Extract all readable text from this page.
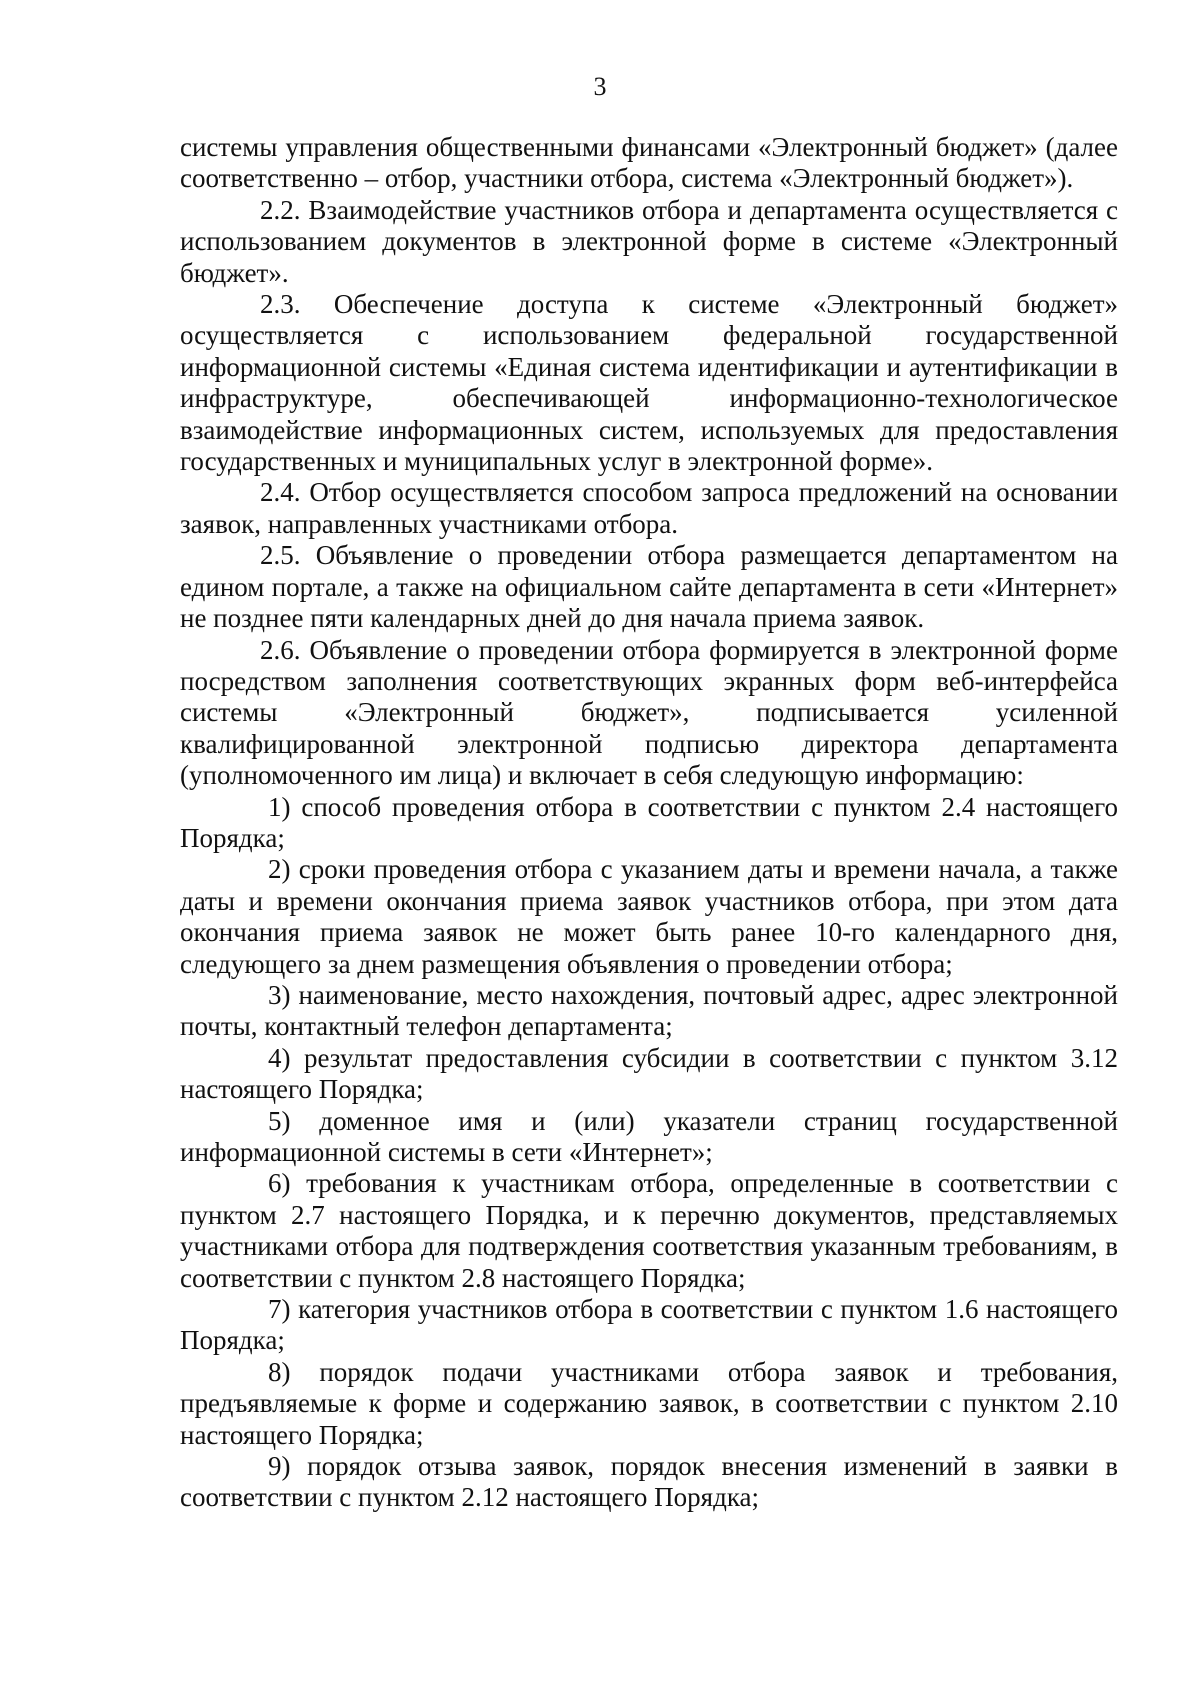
3

системы управления общественными финансами «Электронный бюджет» (далее соответственно – отбор, участники отбора, система «Электронный бюджет»).

2.2. Взаимодействие участников отбора и департамента осуществляется с использованием документов в электронной форме в системе «Электронный бюджет».

2.3. Обеспечение доступа к системе «Электронный бюджет» осуществляется с использованием федеральной государственной информационной системы «Единая система идентификации и аутентификации в инфраструктуре, обеспечивающей информационно-технологическое взаимодействие информационных систем, используемых для предоставления государственных и муниципальных услуг в электронной форме».

2.4. Отбор осуществляется способом запроса предложений на основании заявок, направленных участниками отбора.

2.5. Объявление о проведении отбора размещается департаментом на едином портале, а также на официальном сайте департамента в сети «Интернет» не позднее пяти календарных дней до дня начала приема заявок.

2.6. Объявление о проведении отбора формируется в электронной форме посредством заполнения соответствующих экранных форм веб-интерфейса системы «Электронный бюджет», подписывается усиленной квалифицированной электронной подписью директора департамента (уполномоченного им лица) и включает в себя следующую информацию:

1) способ проведения отбора в соответствии с пунктом 2.4 настоящего Порядка;

2) сроки проведения отбора с указанием даты и времени начала, а также даты и времени окончания приема заявок участников отбора, при этом дата окончания приема заявок не может быть ранее 10-го календарного дня, следующего за днем размещения объявления о проведении отбора;

3) наименование, место нахождения, почтовый адрес, адрес электронной почты, контактный телефон департамента;

4) результат предоставления субсидии в соответствии с пунктом 3.12 настоящего Порядка;

5) доменное имя и (или) указатели страниц государственной информационной системы в сети «Интернет»;

6) требования к участникам отбора, определенные в соответствии с пунктом 2.7 настоящего Порядка, и к перечню документов, представляемых участниками отбора для подтверждения соответствия указанным требованиям, в соответствии с пунктом 2.8 настоящего Порядка;

7) категория участников отбора в соответствии с пунктом 1.6 настоящего Порядка;

8) порядок подачи участниками отбора заявок и требования, предъявляемые к форме и содержанию заявок, в соответствии с пунктом 2.10 настоящего Порядка;

9) порядок отзыва заявок, порядок внесения изменений в заявки в соответствии с пунктом 2.12 настоящего Порядка;
